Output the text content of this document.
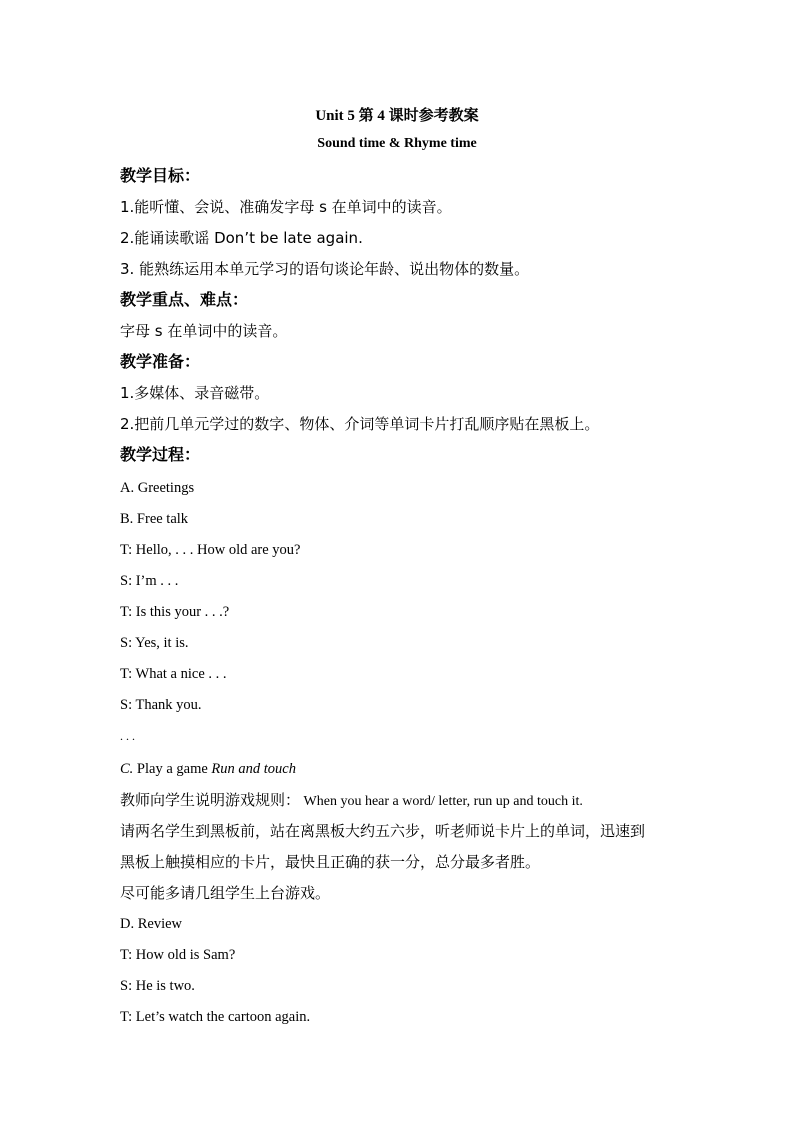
Unit 5 第 4 课时参考教案
Sound time & Rhyme time
教学目标：
1.能听懂、会说、准确发字母 s 在单词中的读音。
2.能诵读歌谣 Don’t be late again.
3. 能熟练运用本单元学习的语句谈论年龄、说出物体的数量。
教学重点、难点：
字母 s 在单词中的读音。
教学准备：
1.多媒体、录音磁带。
2.把前几单元学过的数字、物体、介词等单词卡片打乱顺序贴在黑板上。
教学过程：
A. Greetings
B. Free talk
T: Hello, . . . How old are you?
S: I’m . . .
T: Is this your . . .?
S: Yes, it is.
T: What a nice . . .
S: Thank you.
. . .
C. Play a game Run and touch
教师向学生说明游戏规则： When you hear a word/ letter, run up and touch it.
请两名学生到黑板前，站在离黑板大约五六步，听老师说卡片上的单词，迅速到
黑板上触摸相应的卡片，最快且正确的获一分，总分最多者胜。
尽可能多请几组学生上台游戏。
D. Review
T: How old is Sam?
S: He is two.
T: Let’s watch the cartoon again.
